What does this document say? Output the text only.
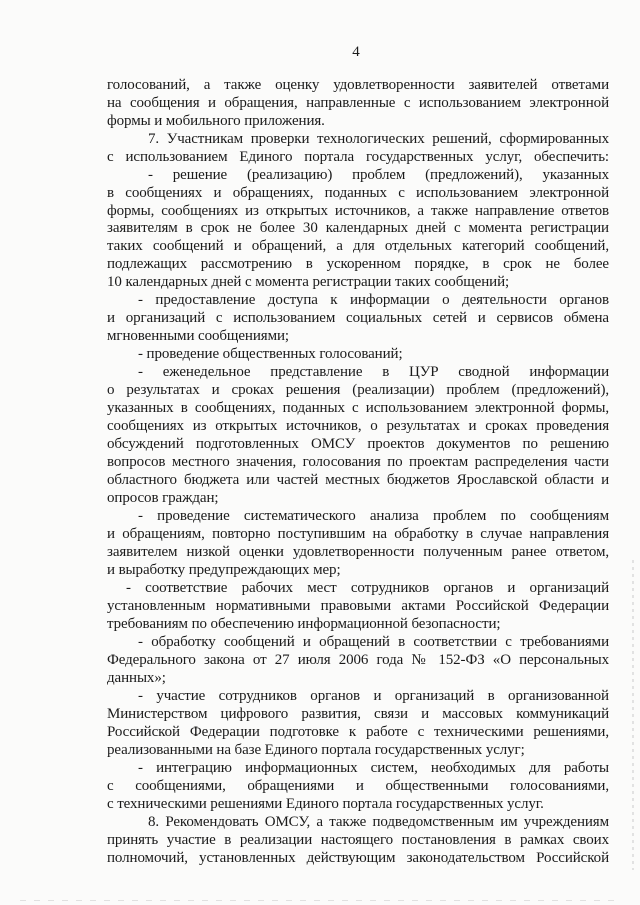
4
голосований, а также оценку удовлетворенности заявителей ответами
на сообщения и обращения, направленные с использованием электронной
формы и мобильного приложения.
7. Участникам проверки технологических решений, сформированных
с использованием Единого портала государственных услуг, обеспечить:
- решение (реализацию) проблем (предложений), указанных
в сообщениях и обращениях, поданных с использованием электронной
формы, сообщениях из открытых источников, а также направление ответов
заявителям в срок не более 30 календарных дней с момента регистрации
таких сообщений и обращений, а для отдельных категорий сообщений,
подлежащих рассмотрению в ускоренном порядке, в срок не более
10 календарных дней с момента регистрации таких сообщений;
- предоставление доступа к информации о деятельности органов
и организаций с использованием социальных сетей и сервисов обмена
мгновенными сообщениями;
- проведение общественных голосований;
- еженедельное представление в ЦУР сводной информации
о результатах и сроках решения (реализации) проблем (предложений),
указанных в сообщениях, поданных с использованием электронной формы,
сообщениях из открытых источников, о результатах и сроках проведения
обсуждений подготовленных ОМСУ проектов документов по решению
вопросов местного значения, голосования по проектам распределения части
областного бюджета или частей местных бюджетов Ярославской области и
опросов граждан;
- проведение систематического анализа проблем по сообщениям
и обращениям, повторно поступившим на обработку в случае направления
заявителем низкой оценки удовлетворенности полученным ранее ответом,
и выработку предупреждающих мер;
- соответствие рабочих мест сотрудников органов и организаций
установленным нормативными правовыми актами Российской Федерации
требованиям по обеспечению информационной безопасности;
- обработку сообщений и обращений в соответствии с требованиями
Федерального закона от 27 июля 2006 года № 152-ФЗ «О персональных
данных»;
- участие сотрудников органов и организаций в организованной
Министерством цифрового развития, связи и массовых коммуникаций
Российской Федерации подготовке к работе с техническими решениями,
реализованными на базе Единого портала государственных услуг;
- интеграцию информационных систем, необходимых для работы
с сообщениями, обращениями и общественными голосованиями,
с техническими решениями Единого портала государственных услуг.
8. Рекомендовать ОМСУ, а также подведомственным им учреждениям
принять участие в реализации настоящего постановления в рамках своих
полномочий, установленных действующим законодательством Российской
